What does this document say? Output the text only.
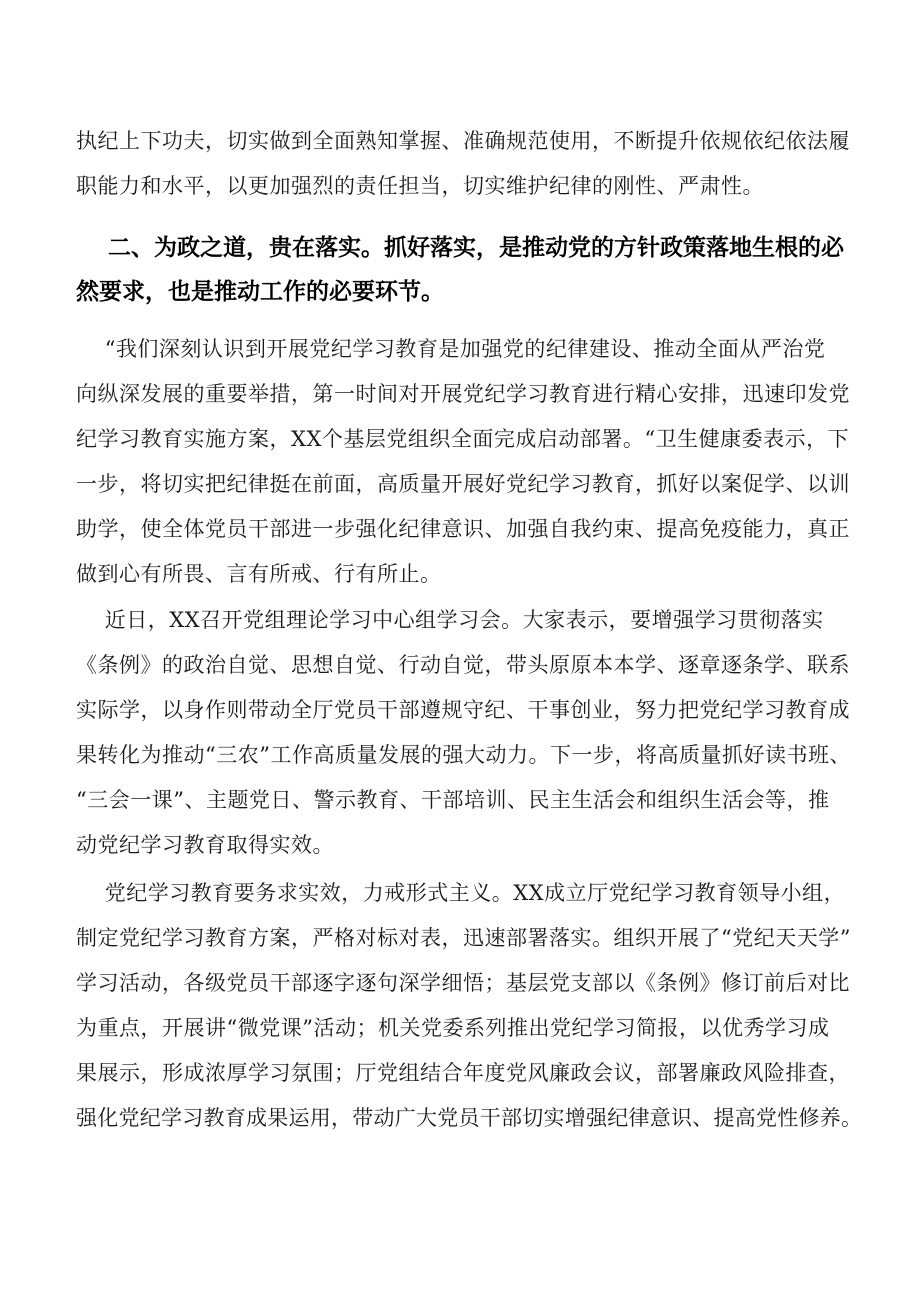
执纪上下功夫，切实做到全面熟知掌握、准确规范使用，不断提升依规依纪依法履
职能力和水平，以更加强烈的责任担当，切实维护纪律的刚性、严肃性。
二、为政之道，贵在落实。抓好落实，是推动党的方针政策落地生根的必
然要求，也是推动工作的必要环节。
“我们深刻认识到开展党纪学习教育是加强党的纪律建设、推动全面从严治党
向纵深发展的重要举措，第一时间对开展党纪学习教育进行精心安排，迅速印发党
纪学习教育实施方案，XX个基层党组织全面完成启动部署。“卫生健康委表示，下
一步，将切实把纪律挺在前面，高质量开展好党纪学习教育，抓好以案促学、以训
助学，使全体党员干部进一步强化纪律意识、加强自我约束、提高免疫能力，真正
做到心有所畏、言有所戒、行有所止。
近日，XX召开党组理论学习中心组学习会。大家表示，要增强学习贯彻落实
《条例》的政治自觉、思想自觉、行动自觉，带头原原本本学、逐章逐条学、联系
实际学，以身作则带动全厅党员干部遵规守纪、干事创业，努力把党纪学习教育成
果转化为推动“三农”工作高质量发展的强大动力。下一步，将高质量抓好读书班、
“三会一课”、主题党日、警示教育、干部培训、民主生活会和组织生活会等，推
动党纪学习教育取得实效。
党纪学习教育要务求实效，力戒形式主义。XX成立厅党纪学习教育领导小组，
制定党纪学习教育方案，严格对标对表，迅速部署落实。组织开展了“党纪天天学”
学习活动，各级党员干部逐字逐句深学细悟；基层党支部以《条例》修订前后对比
为重点，开展讲“微党课”活动；机关党委系列推出党纪学习简报，以优秀学习成
果展示，形成浓厚学习氛围；厅党组结合年度党风廉政会议，部署廉政风险排查，
强化党纪学习教育成果运用，带动广大党员干部切实增强纪律意识、提高党性修养。
